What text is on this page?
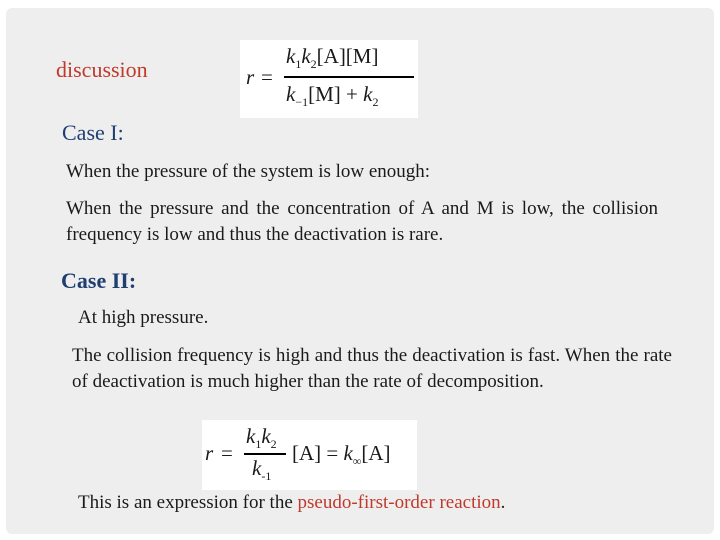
discussion	r =
$k_1k_2[A][M]$
$k_{-1}[M] + k_2$
Case I:
When the pressure of the system is low enough:
When the pressure and the concentration of A and M is low, the collision frequency is low and thus the deactivation is rare.
Case II:
At high pressure.
The collision frequency is high and thus the deactivation is fast. When the rate of deactivation is much higher than the rate of decomposition.
r =
$k_1k_2$
$k_{-1}$
$[A] = k_\infty[A]$
This is an expression for the pseudo-first-order reaction.
